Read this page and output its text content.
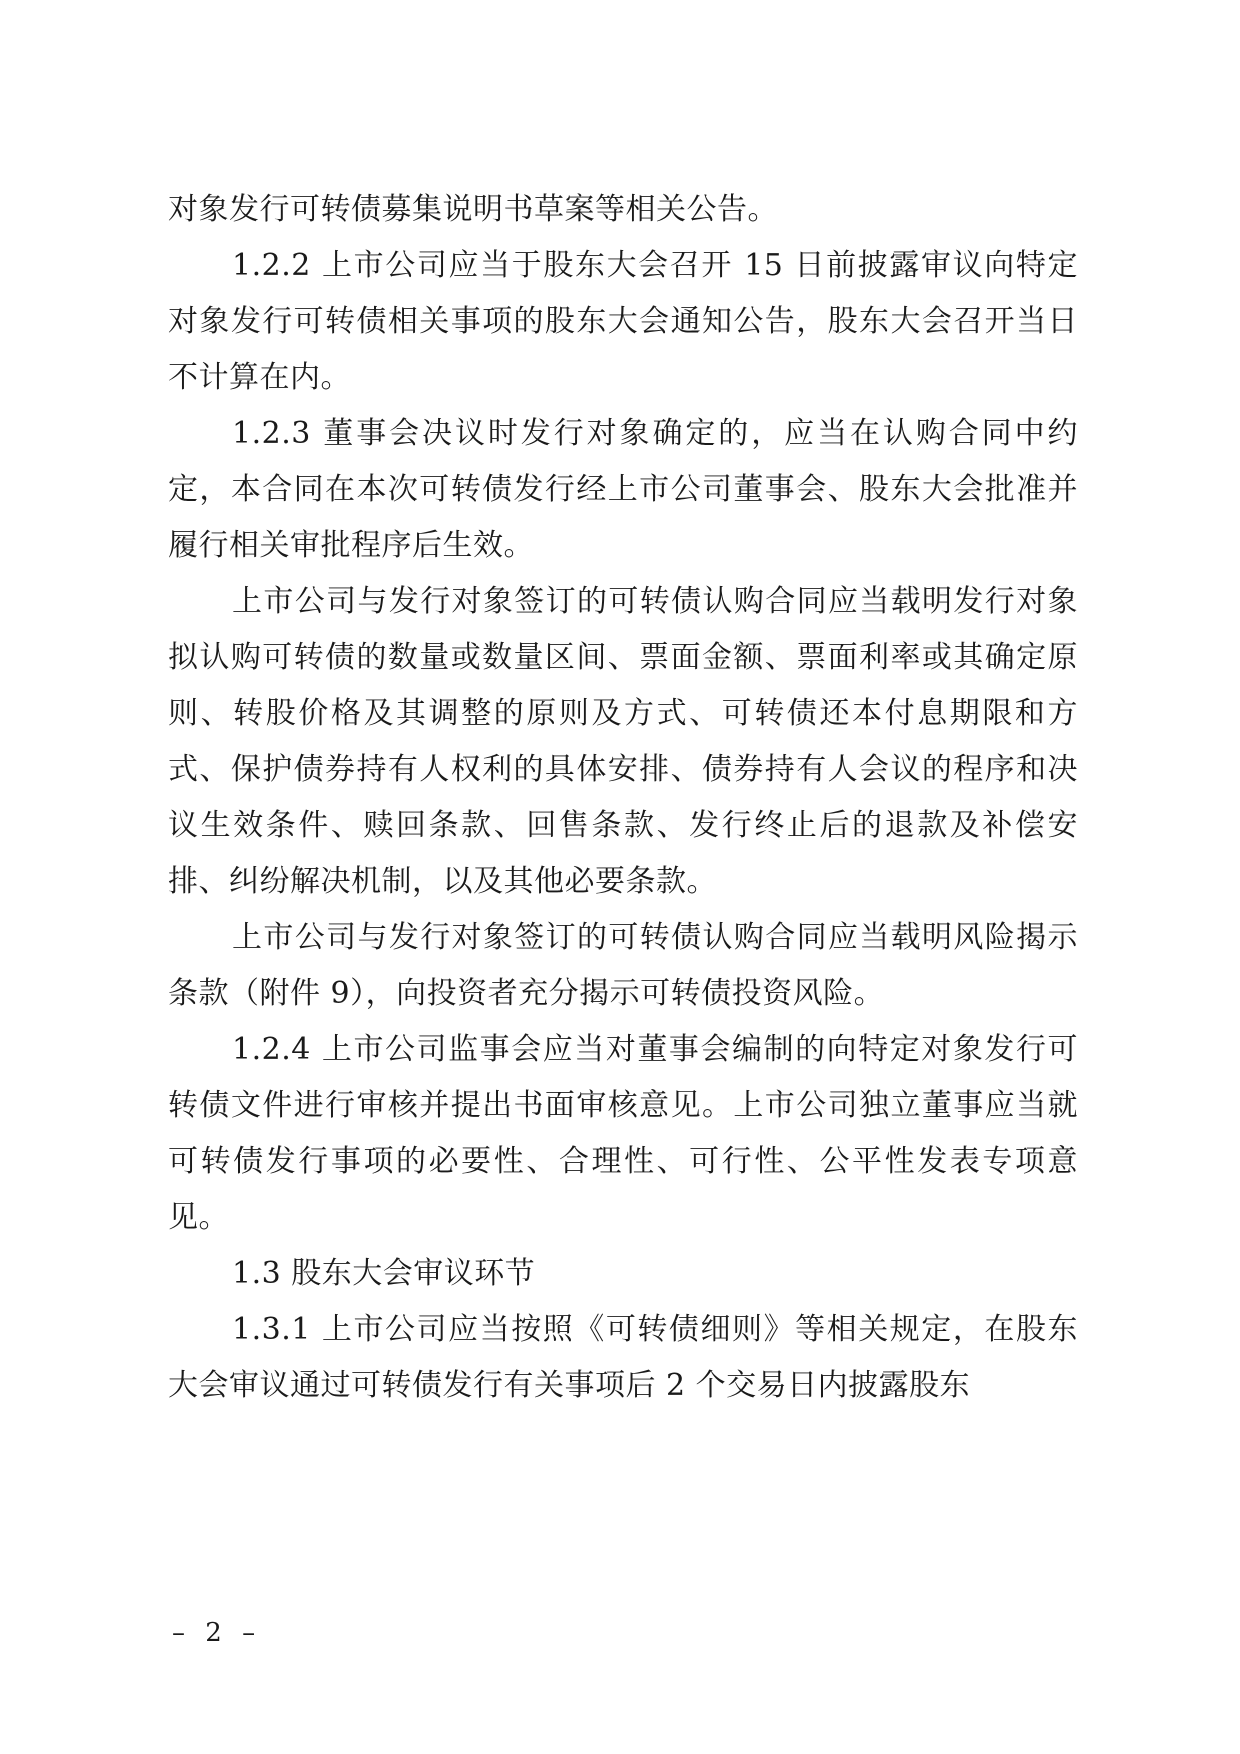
对象发行可转债募集说明书草案等相关公告。

1.2.2 上市公司应当于股东大会召开 15 日前披露审议向特定对象发行可转债相关事项的股东大会通知公告，股东大会召开当日不计算在内。

1.2.3 董事会决议时发行对象确定的，应当在认购合同中约定，本合同在本次可转债发行经上市公司董事会、股东大会批准并履行相关审批程序后生效。

上市公司与发行对象签订的可转债认购合同应当载明发行对象拟认购可转债的数量或数量区间、票面金额、票面利率或其确定原则、转股价格及其调整的原则及方式、可转债还本付息期限和方式、保护债券持有人权利的具体安排、债券持有人会议的程序和决议生效条件、赎回条款、回售条款、发行终止后的退款及补偿安排、纠纷解决机制，以及其他必要条款。

上市公司与发行对象签订的可转债认购合同应当载明风险揭示条款（附件 9），向投资者充分揭示可转债投资风险。

1.2.4 上市公司监事会应当对董事会编制的向特定对象发行可转债文件进行审核并提出书面审核意见。上市公司独立董事应当就可转债发行事项的必要性、合理性、可行性、公平性发表专项意见。

1.3 股东大会审议环节

1.3.1 上市公司应当按照《可转债细则》等相关规定，在股东大会审议通过可转债发行有关事项后 2 个交易日内披露股东

– 2 –
